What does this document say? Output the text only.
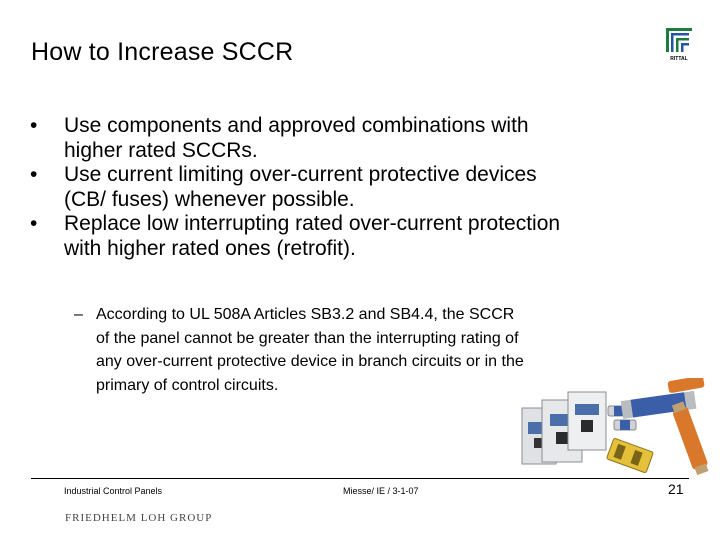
How to Increase SCCR	RITTAL
•	Use components and approved combinations with
higher rated SCCRs.
•	Use current limiting over-current protective devices
(CB/ fuses) whenever possible.
•	Replace low interrupting rated over-current protection
with higher rated ones (retrofit).
– According to UL 508A Articles SB3.2 and SB4.4, the SCCR
of the panel cannot be greater than the interrupting rating of
any over-current protective device in branch circuits or in the
primary of control circuits.
Industrial Control Panels	Miesse/ IE / 3-1-07	21
FRIEDHELM LOH GROUP
